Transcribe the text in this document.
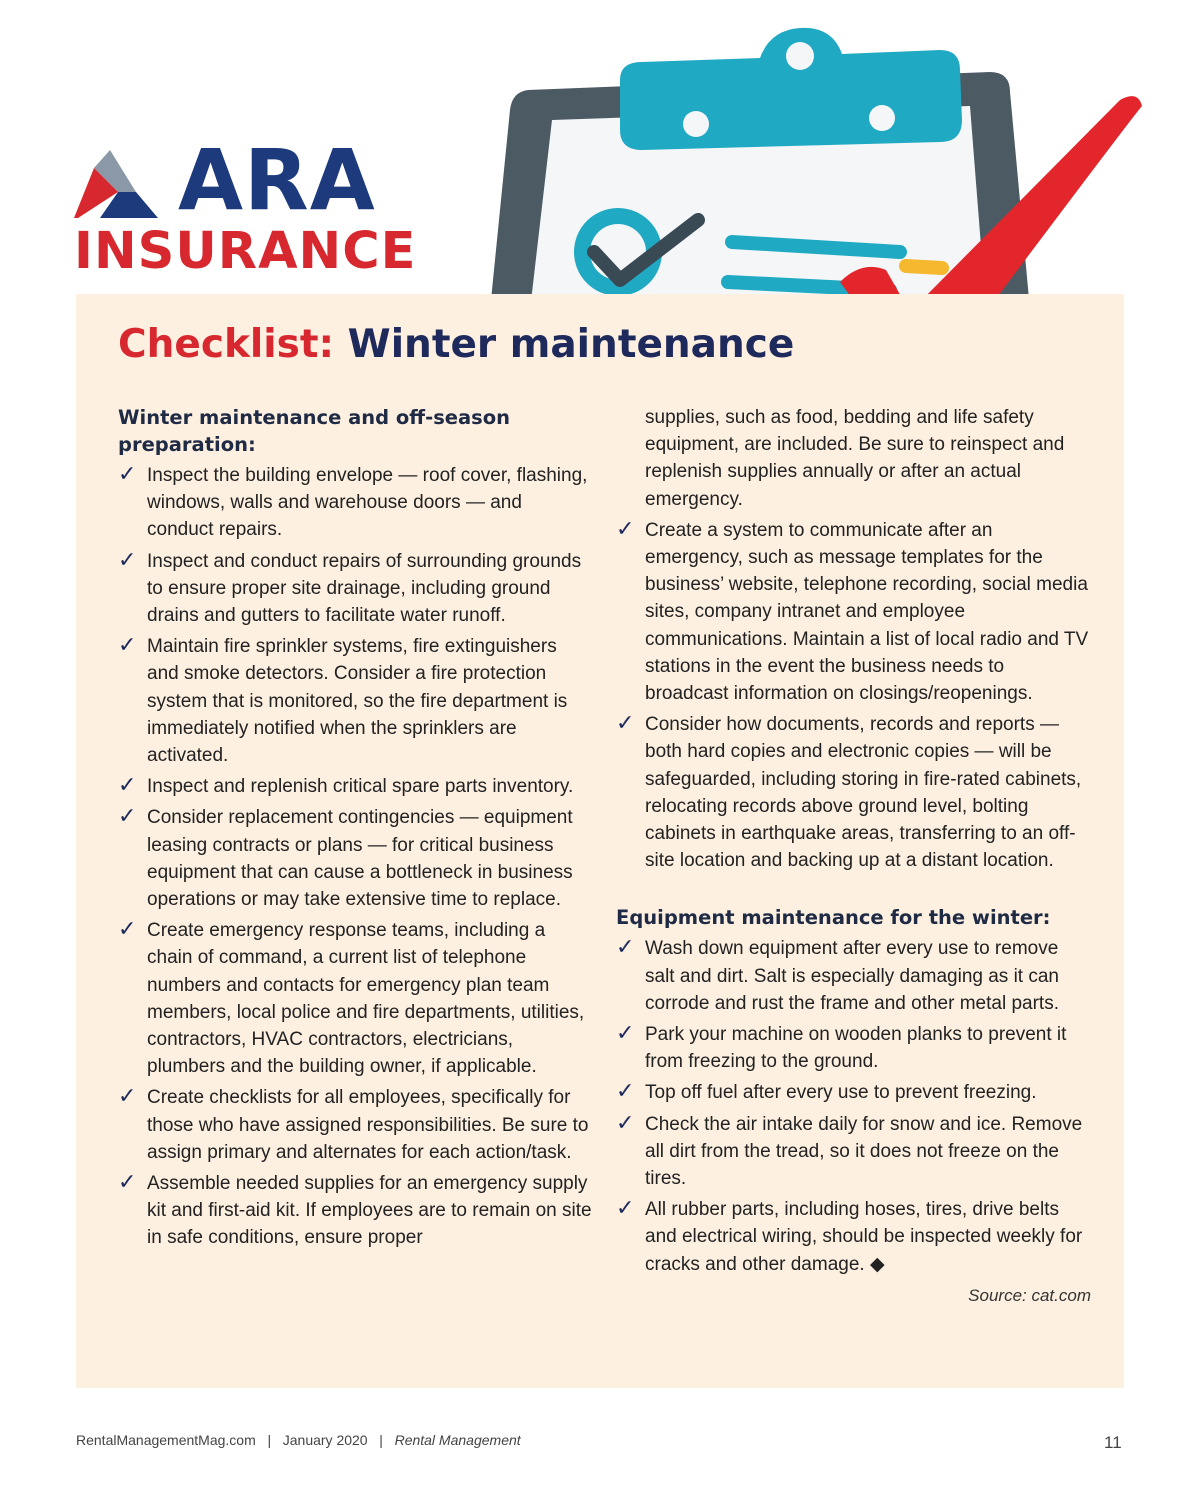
ARA
INSURANCE
Checklist: Winter maintenance
Winter maintenance and off-season preparation:
✓ Inspect the building envelope — roof cover, flashing, windows, walls and warehouse doors — and conduct repairs.
✓ Inspect and conduct repairs of surrounding grounds to ensure proper site drainage, including ground drains and gutters to facilitate water runoff.
✓ Maintain fire sprinkler systems, fire extinguishers and smoke detectors. Consider a fire protection system that is monitored, so the fire department is immediately notified when the sprinklers are activated.
✓ Inspect and replenish critical spare parts inventory.
✓ Consider replacement contingencies — equipment leasing contracts or plans — for critical business equipment that can cause a bottleneck in business operations or may take extensive time to replace.
✓ Create emergency response teams, including a chain of command, a current list of telephone numbers and contacts for emergency plan team members, local police and fire departments, utilities, contractors, HVAC contractors, electricians, plumbers and the building owner, if applicable.
✓ Create checklists for all employees, specifically for those who have assigned responsibilities. Be sure to assign primary and alternates for each action/task.
✓ Assemble needed supplies for an emergency supply kit and first-aid kit. If employees are to remain on site in safe conditions, ensure proper
supplies, such as food, bedding and life safety equipment, are included. Be sure to reinspect and replenish supplies annually or after an actual emergency.
✓ Create a system to communicate after an emergency, such as message templates for the business’ website, telephone recording, social media sites, company intranet and employee communications. Maintain a list of local radio and TV stations in the event the business needs to broadcast information on closings/reopenings.
✓ Consider how documents, records and reports — both hard copies and electronic copies — will be safeguarded, including storing in fire-rated cabinets, relocating records above ground level, bolting cabinets in earthquake areas, transferring to an off-site location and backing up at a distant location.
Equipment maintenance for the winter:
✓ Wash down equipment after every use to remove salt and dirt. Salt is especially damaging as it can corrode and rust the frame and other metal parts.
✓ Park your machine on wooden planks to prevent it from freezing to the ground.
✓ Top off fuel after every use to prevent freezing.
✓ Check the air intake daily for snow and ice. Remove all dirt from the tread, so it does not freeze on the tires.
✓ All rubber parts, including hoses, tires, drive belts and electrical wiring, should be inspected weekly for cracks and other damage. ◆
Source: cat.com
RentalManagementMag.com | January 2020 | Rental Management	11
